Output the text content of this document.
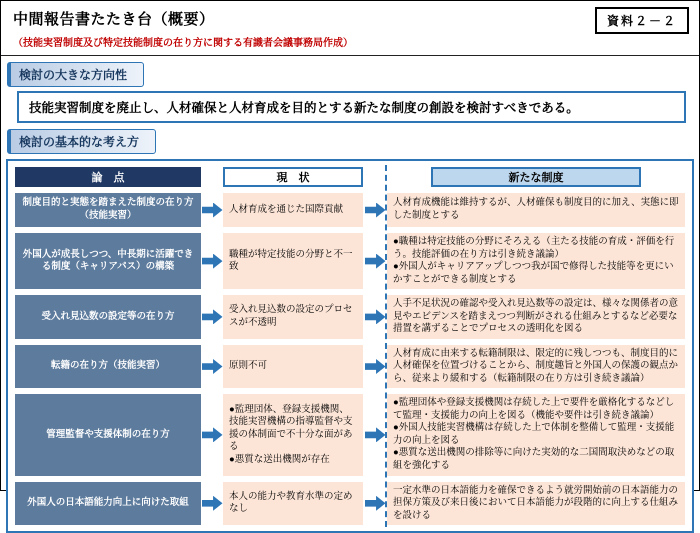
中間報告書たたき台（概要）
（技能実習制度及び特定技能制度の在り方に関する有識者会議事務局作成）
資料２－２
検討の大きな方向性
技能実習制度を廃止し、人材確保と人材育成を目的とする新たな制度の創設を検討すべきである。
検討の基本的な考え方
論　点	現　状	新たな制度
制度目的と実態を踏まえた制度の在り方（技能実習）
人材育成を通じた国際貢献
人材育成機能は維持するが、人材確保も制度目的に加え、実態に即した制度とする
外国人が成長しつつ、中長期に活躍できる制度（キャリアパス）の構築
職種が特定技能の分野と不一致
●職種は特定技能の分野にそろえる（主たる技能の育成・評価を行う。技能評価の在り方は引き続き議論）
●外国人がキャリアアップしつつ我が国で修得した技能等を更にいかすことができる制度とする
受入れ見込数の設定等の在り方
受入れ見込数の設定のプロセスが不透明
人手不足状況の確認や受入れ見込数等の設定は、様々な関係者の意見やエビデンスを踏まえつつ判断がされる仕組みとするなど必要な措置を講ずることでプロセスの透明化を図る
転籍の在り方（技能実習）	原則不可
人材育成に由来する転籍制限は、限定的に残しつつも、制度目的に人材確保を位置づけることから、制度趣旨と外国人の保護の観点から、従来より緩和する（転籍制限の在り方は引き続き議論）
管理監督や支援体制の在り方
●監理団体、登録支援機関、技能実習機構の指導監督や支援の体制面で不十分な面がある
●悪質な送出機関が存在
●監理団体や登録支援機関は存続した上で要件を厳格化するなどして監理・支援能力の向上を図る（機能や要件は引き続き議論）
●外国人技能実習機構は存続した上で体制を整備して監理・支援能力の向上を図る
●悪質な送出機関の排除等に向けた実効的な二国間取決めなどの取組を強化する
外国人の日本語能力向上に向けた取組
本人の能力や教育水準の定めなし
一定水準の日本語能力を確保できるよう就労開始前の日本語能力の担保方策及び来日後において日本語能力が段階的に向上する仕組みを設ける
